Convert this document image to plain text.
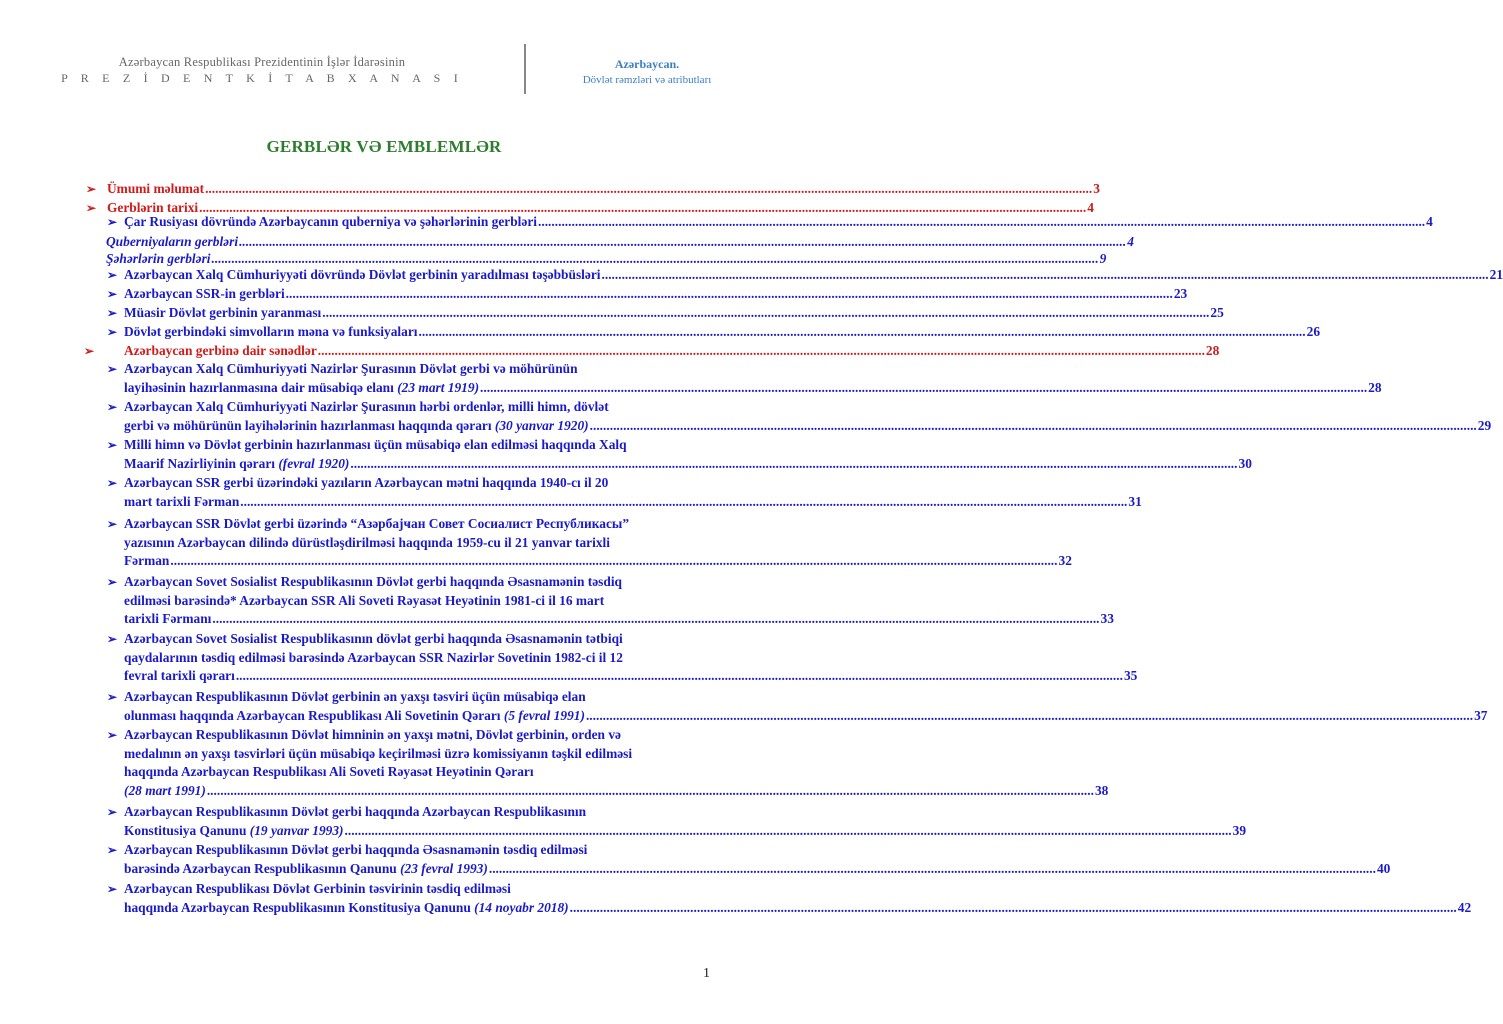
Azərbaycan Respublikası Prezidentinin İşlər İdarəsinin
P R E Z İ D E N T K İ T A B X A N A S I
Azərbaycan.
Dövlət rəmzləri və atributları
GERBLƏR VƏ EMBLEMLƏR
➢ Ümumi məlumat ......................................................................................................................................................................................................................................................................... 3
➢ Gerblərin tarixi ......................................................................................................................................................................................................................................................................... 4
➢ Çar Rusiyası dövründə Azərbaycanın quberniya və şəhərlərinin gerbləri ......................................................................................................................................................................................................................................................................... 4
Quberniyaların gerbləri ......................................................................................................................................................................................................................................................................... 4
Şəhərlərin gerbləri ......................................................................................................................................................................................................................................................................... 9
➢ Azərbaycan Xalq Cümhuriyyəti dövründə Dövlət gerbinin yaradılması təşəbbüsləri ......................................................................................................................................................................................................................................................................... 21
➢ Azərbaycan SSR-in gerbləri ......................................................................................................................................................................................................................................................................... 23
➢ Müasir Dövlət gerbinin yaranması ......................................................................................................................................................................................................................................................................... 25
➢ Dövlət gerbindəki simvolların məna və funksiyaları ......................................................................................................................................................................................................................................................................... 26
➢ Azərbaycan gerbinə dair sənədlər ......................................................................................................................................................................................................................................................................... 28
➢ Azərbaycan Xalq Cümhuriyyəti Nazirlər Şurasının Dövlət gerbi və möhürünün
layihəsinin hazırlanmasına dair müsabiqə elanı (23 mart 1919) ......................................................................................................................................................................................................................................................................... 28
➢ Azərbaycan Xalq Cümhuriyyəti Nazirlər Şurasının hərbi ordenlər, milli himn, dövlət
gerbi və möhürünün layihələrinin hazırlanması haqqında qərarı (30 yanvar 1920) ......................................................................................................................................................................................................................................................................... 29
➢ Milli himn və Dövlət gerbinin hazırlanması üçün müsabiqə elan edilməsi haqqında Xalq
Maarif Nazirliyinin qərarı (fevral 1920) ......................................................................................................................................................................................................................................................................... 30
➢ Azərbaycan SSR gerbi üzərindəki yazıların Azərbaycan mətni haqqında 1940-cı il 20
mart tarixli Fərman ......................................................................................................................................................................................................................................................................... 31
➢ Azərbaycan SSR Dövlət gerbi üzərində “Азәрбајҹан Совет Сосиалист Республикасы”
yazısının Azərbaycan dilində dürüstləşdirilməsi haqqında 1959-cu il 21 yanvar tarixli
Fərman ......................................................................................................................................................................................................................................................................... 32
➢ Azərbaycan Sovet Sosialist Respublikasının Dövlət gerbi haqqında Əsasnamənin təsdiq
edilməsi barəsində* Azərbaycan SSR Ali Soveti Rəyasət Heyətinin 1981-ci il 16 mart
tarixli Fərmanı ......................................................................................................................................................................................................................................................................... 33
➢ Azərbaycan Sovet Sosialist Respublikasının dövlət gerbi haqqında Əsasnamənin tətbiqi
qaydalarının təsdiq edilməsi barəsində Azərbaycan SSR Nazirlər Sovetinin 1982-ci il 12
fevral tarixli qərarı ......................................................................................................................................................................................................................................................................... 35
➢ Azərbaycan Respublikasının Dövlət gerbinin ən yaxşı təsviri üçün müsabiqə elan
olunması haqqında Azərbaycan Respublikası Ali Sovetinin Qərarı (5 fevral 1991) ......................................................................................................................................................................................................................................................................... 37
➢ Azərbaycan Respublikasının Dövlət himninin ən yaxşı mətni, Dövlət gerbinin, orden və
medalının ən yaxşı təsvirləri üçün müsabiqə keçirilməsi üzrə komissiyanın təşkil edilməsi
haqqında Azərbaycan Respublikası Ali Soveti Rəyasət Heyətinin Qərarı
(28 mart 1991) ......................................................................................................................................................................................................................................................................... 38
➢ Azərbaycan Respublikasının Dövlət gerbi haqqında Azərbaycan Respublikasının
Konstitusiya Qanunu (19 yanvar 1993) ......................................................................................................................................................................................................................................................................... 39
➢ Azərbaycan Respublikasının Dövlət gerbi haqqında Əsasnamənin təsdiq edilməsi
barəsində Azərbaycan Respublikasının Qanunu (23 fevral 1993) ......................................................................................................................................................................................................................................................................... 40
➢ Azərbaycan Respublikası Dövlət Gerbinin təsvirinin təsdiq edilməsi
haqqında Azərbaycan Respublikasının Konstitusiya Qanunu (14 noyabr 2018) ......................................................................................................................................................................................................................................................................... 42
1
